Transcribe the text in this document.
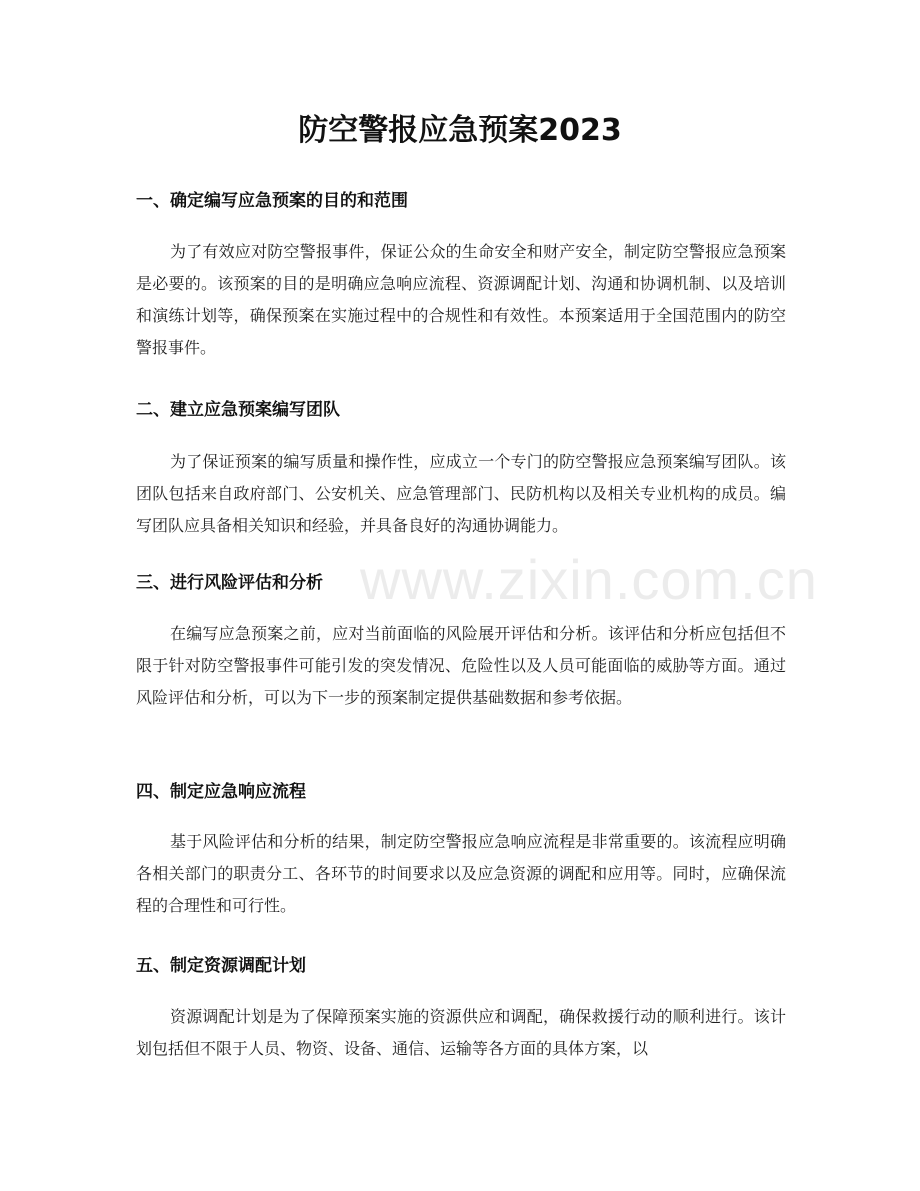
防空警报应急预案2023
一、确定编写应急预案的目的和范围

为了有效应对防空警报事件，保证公众的生命安全和财产安全，制定防空警报应急预案是必要的。该预案的目的是明确应急响应流程、资源调配计划、沟通和协调机制、以及培训和演练计划等，确保预案在实施过程中的合规性和有效性。本预案适用于全国范围内的防空警报事件。

二、建立应急预案编写团队

为了保证预案的编写质量和操作性，应成立一个专门的防空警报应急预案编写团队。该团队包括来自政府部门、公安机关、应急管理部门、民防机构以及相关专业机构的成员。编写团队应具备相关知识和经验，并具备良好的沟通协调能力。

三、进行风险评估和分析

在编写应急预案之前，应对当前面临的风险展开评估和分析。该评估和分析应包括但不限于针对防空警报事件可能引发的突发情况、危险性以及人员可能面临的威胁等方面。通过风险评估和分析，可以为下一步的预案制定提供基础数据和参考依据。

四、制定应急响应流程

基于风险评估和分析的结果，制定防空警报应急响应流程是非常重要的。该流程应明确各相关部门的职责分工、各环节的时间要求以及应急资源的调配和应用等。同时，应确保流程的合理性和可行性。

五、制定资源调配计划

资源调配计划是为了保障预案实施的资源供应和调配，确保救援行动的顺利进行。该计划包括但不限于人员、物资、设备、通信、运输等各方面的具体方案，以

www.zixin.com.cn
